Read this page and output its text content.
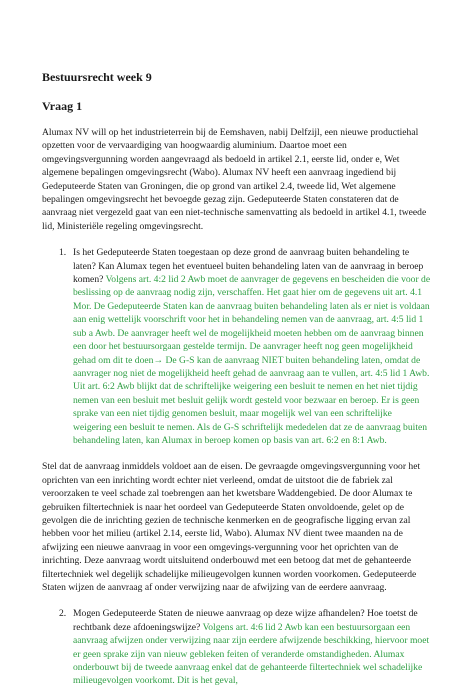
Bestuursrecht week 9
Vraag 1

Alumax NV will op het industrieterrein bij de Eemshaven, nabij Delfzijl, een nieuwe productiehal opzetten voor de vervaardiging van hoogwaardig aluminium. Daartoe moet een omgevingsvergunning worden aangevraagd als bedoeld in artikel 2.1, eerste lid, onder e, Wet algemene bepalingen omgevingsrecht (Wabo). Alumax NV heeft een aanvraag ingediend bij Gedeputeerde Staten van Groningen, die op grond van artikel 2.4, tweede lid, Wet algemene bepalingen omgevingsrecht het bevoegde gezag zijn. Gedeputeerde Staten constateren dat de aanvraag niet vergezeld gaat van een niet-technische samenvatting als bedoeld in artikel 4.1, tweede lid, Ministeriële regeling omgevingsrecht.

1. Is het Gedeputeerde Staten toegestaan op deze grond de aanvraag buiten behandeling te laten? Kan Alumax tegen het eventueel buiten behandeling laten van de aanvraag in beroep komen? Volgens art. 4:2 lid 2 Awb moet de aanvrager de gegevens en bescheiden die voor de beslissing op de aanvraag nodig zijn, verschaffen. Het gaat hier om de gegevens uit art. 4.1 Mor. De Gedeputeerde Staten kan de aanvraag buiten behandeling laten als er niet is voldaan aan enig wettelijk voorschrift voor het in behandeling nemen van de aanvraag, art. 4:5 lid 1 sub a Awb. De aanvrager heeft wel de mogelijkheid moeten hebben om de aanvraag binnen een door het bestuursorgaan gestelde termijn. De aanvrager heeft nog geen mogelijkheid gehad om dit te doen→ De G-S kan de aanvraag NIET buiten behandeling laten, omdat de aanvrager nog niet de mogelijkheid heeft gehad de aanvraag aan te vullen, art. 4:5 lid 1 Awb. Uit art. 6:2 Awb blijkt dat de schriftelijke weigering een besluit te nemen en het niet tijdig nemen van een besluit met besluit gelijk wordt gesteld voor bezwaar en beroep. Er is geen sprake van een niet tijdig genomen besluit, maar mogelijk wel van een schriftelijke weigering een besluit te nemen. Als de G-S schriftelijk mededelen dat ze de aanvraag buiten behandeling laten, kan Alumax in beroep komen op basis van art. 6:2 en 8:1 Awb.

Stel dat de aanvraag inmiddels voldoet aan de eisen. De gevraagde omgevingsvergunning voor het oprichten van een inrichting wordt echter niet verleend, omdat de uitstoot die de fabriek zal veroorzaken te veel schade zal toebrengen aan het kwetsbare Waddengebied. De door Alumax te gebruiken filtertechniek is naar het oordeel van Gedeputeerde Staten onvoldoende, gelet op de gevolgen die de inrichting gezien de technische kenmerken en de geografische ligging ervan zal hebben voor het milieu (artikel 2.14, eerste lid, Wabo). Alumax NV dient twee maanden na de afwijzing een nieuwe aanvraag in voor een omgevings-vergunning voor het oprichten van de inrichting. Deze aanvraag wordt uitsluitend onderbouwd met een betoog dat met de gehanteerde filtertechniek wel degelijk schadelijke milieugevolgen kunnen worden voorkomen. Gedeputeerde Staten wijzen de aanvraag af onder verwijzing naar de afwijzing van de eerdere aanvraag.

2. Mogen Gedeputeerde Staten de nieuwe aanvraag op deze wijze afhandelen? Hoe toetst de rechtbank deze afdoeningswijze? Volgens art. 4:6 lid 2 Awb kan een bestuursorgaan een aanvraag afwijzen onder verwijzing naar zijn eerdere afwijzende beschikking, hiervoor moet er geen sprake zijn van nieuw gebleken feiten of veranderde omstandigheden. Alumax onderbouwt bij de tweede aanvraag enkel dat de gehanteerde filtertechniek wel schadelijke milieugevolgen voorkomt. Dit is het geval,
